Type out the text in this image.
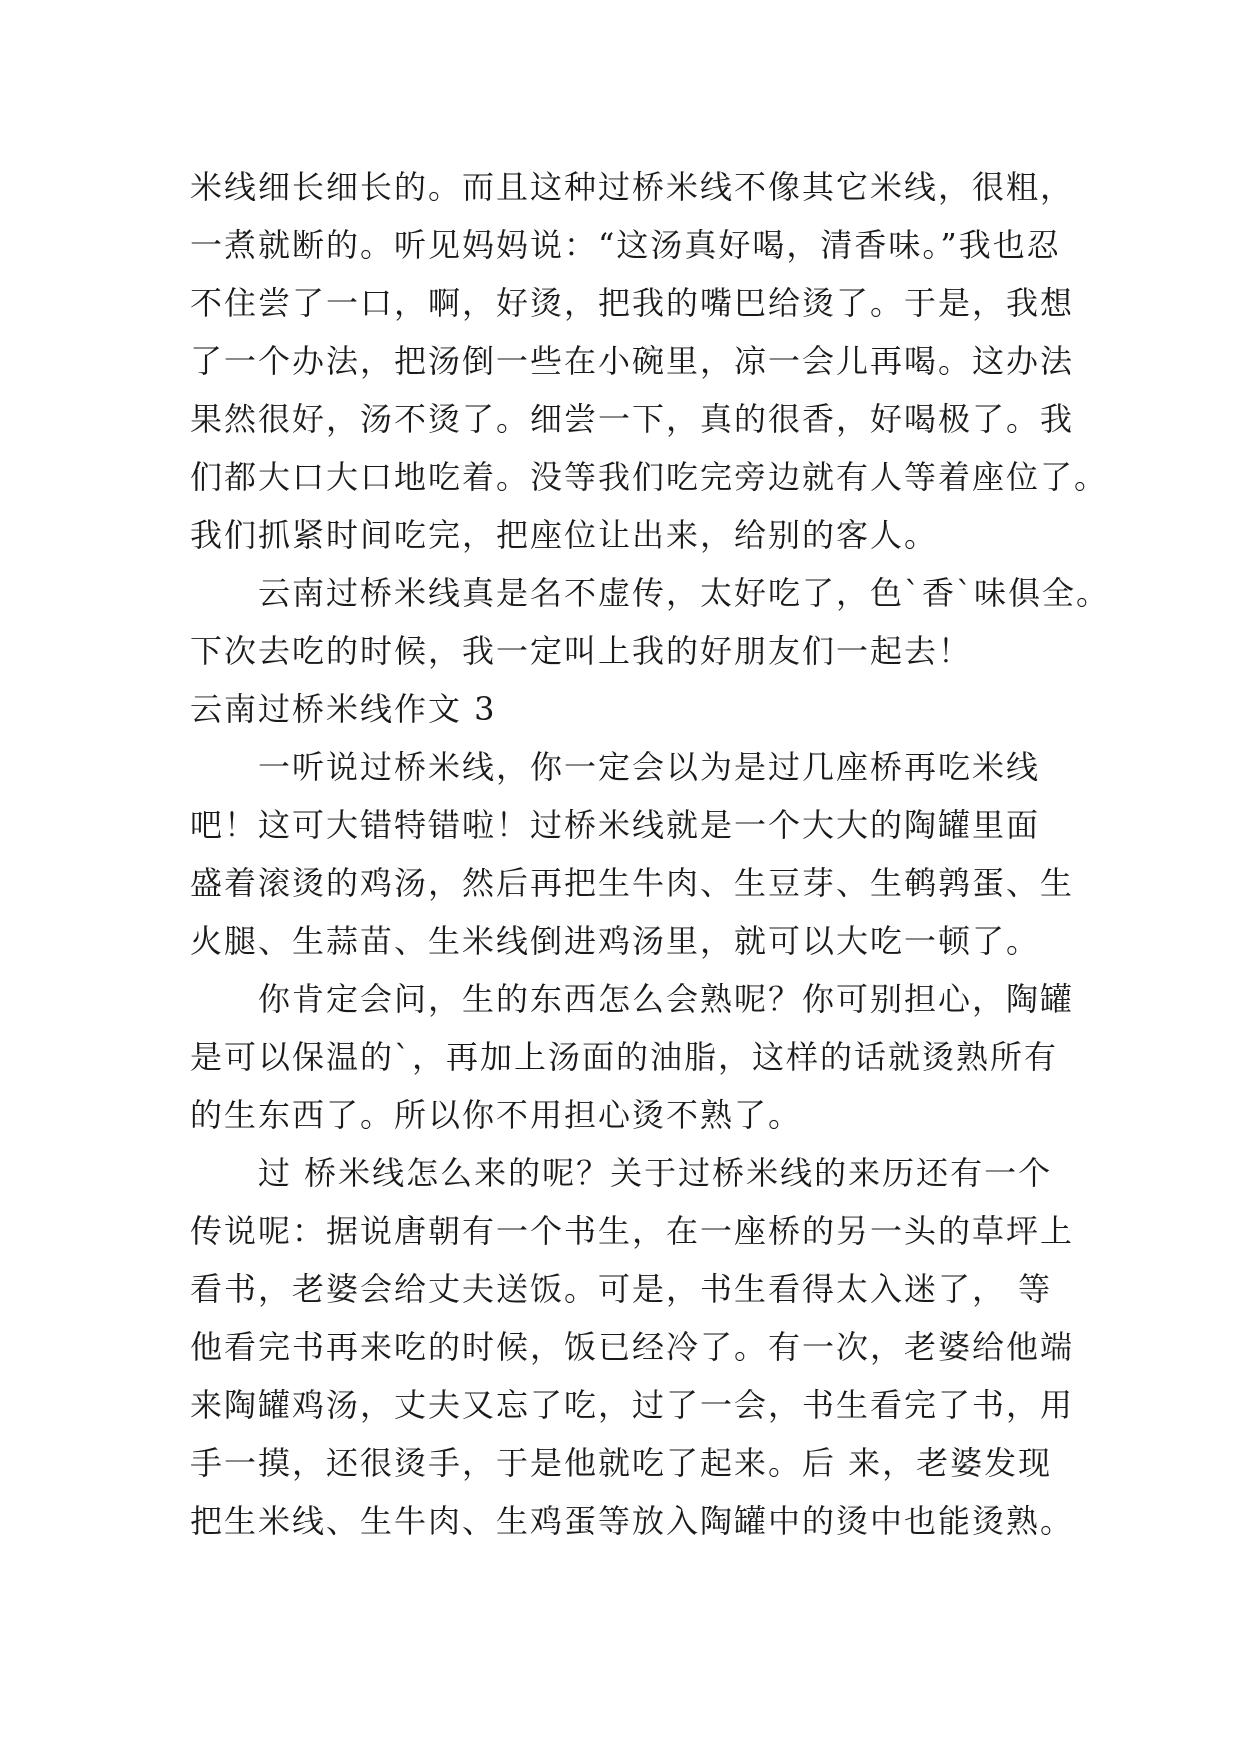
米线细长细长的。而且这种过桥米线不像其它米线，很粗，
一煮就断的。听见妈妈说：“这汤真好喝，清香味。”我也忍
不住尝了一口，啊，好烫，把我的嘴巴给烫了。于是，我想
了一个办法，把汤倒一些在小碗里，凉一会儿再喝。这办法
果然很好，汤不烫了。细尝一下，真的很香，好喝极了。我
们都大口大口地吃着。没等我们吃完旁边就有人等着座位了。
我们抓紧时间吃完，把座位让出来，给别的客人。
云南过桥米线真是名不虚传，太好吃了，色`香`味俱全。
下次去吃的时候，我一定叫上我的好朋友们一起去！
云南过桥米线作文 3
一听说过桥米线，你一定会以为是过几座桥再吃米线
吧！这可大错特错啦！过桥米线就是一个大大的陶罐里面
盛着滚烫的鸡汤，然后再把生牛肉、生豆芽、生鹌鹑蛋、生
火腿、生蒜苗、生米线倒进鸡汤里，就可以大吃一顿了。
你肯定会问，生的东西怎么会熟呢？你可别担心，陶罐
是可以保温的`，再加上汤面的油脂，这样的话就烫熟所有
的生东西了。所以你不用担心烫不熟了。
过 桥米线怎么来的呢？关于过桥米线的来历还有一个
传说呢：据说唐朝有一个书生，在一座桥的另一头的草坪上
看书，老婆会给丈夫送饭。可是，书生看得太入迷了， 等
他看完书再来吃的时候，饭已经冷了。有一次，老婆给他端
来陶罐鸡汤，丈夫又忘了吃，过了一会，书生看完了书，用
手一摸，还很烫手，于是他就吃了起来。后 来，老婆发现
把生米线、生牛肉、生鸡蛋等放入陶罐中的烫中也能烫熟。
